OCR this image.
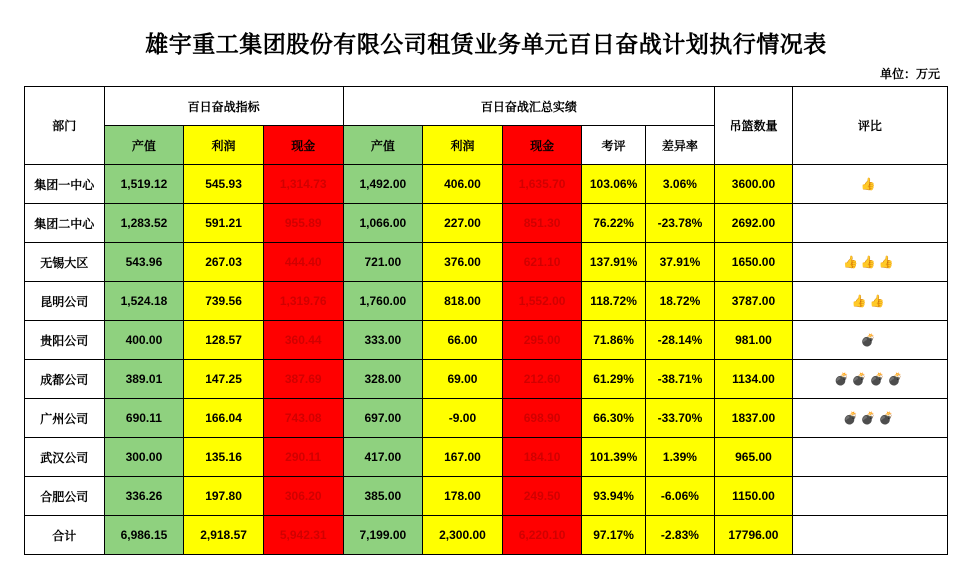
雄宇重工集团股份有限公司租赁业务单元百日奋战计划执行情况表
单位：万元
部门	百日奋战指标			百日奋战汇总实绩					吊篮数量	评比
	产值	利润	现金	产值	利润	现金	考评	差异率		
集团一中心	1,519.12	545.93	1,314.73	1,492.00	406.00	1,635.70	103.06%	3.06%	3600.00	👍
集团二中心	1,283.52	591.21	955.89	1,066.00	227.00	851.30	76.22%	-23.78%	2692.00	
无锡大区	543.96	267.03	444.40	721.00	376.00	621.10	137.91%	37.91%	1650.00	👍👍👍
昆明公司	1,524.18	739.56	1,319.76	1,760.00	818.00	1,552.00	118.72%	18.72%	3787.00	👍👍
贵阳公司	400.00	128.57	360.44	333.00	66.00	295.00	71.86%	-28.14%	981.00	💣
成都公司	389.01	147.25	387.69	328.00	69.00	212.60	61.29%	-38.71%	1134.00	💣💣💣💣
广州公司	690.11	166.04	743.08	697.00	-9.00	698.90	66.30%	-33.70%	1837.00	💣💣💣
武汉公司	300.00	135.16	290.11	417.00	167.00	184.10	101.39%	1.39%	965.00	
合肥公司	336.26	197.80	306.20	385.00	178.00	249.50	93.94%	-6.06%	1150.00	
合计	6,986.15	2,918.57	5,942.31	7,199.00	2,300.00	6,220.10	97.17%	-2.83%	17796.00	
